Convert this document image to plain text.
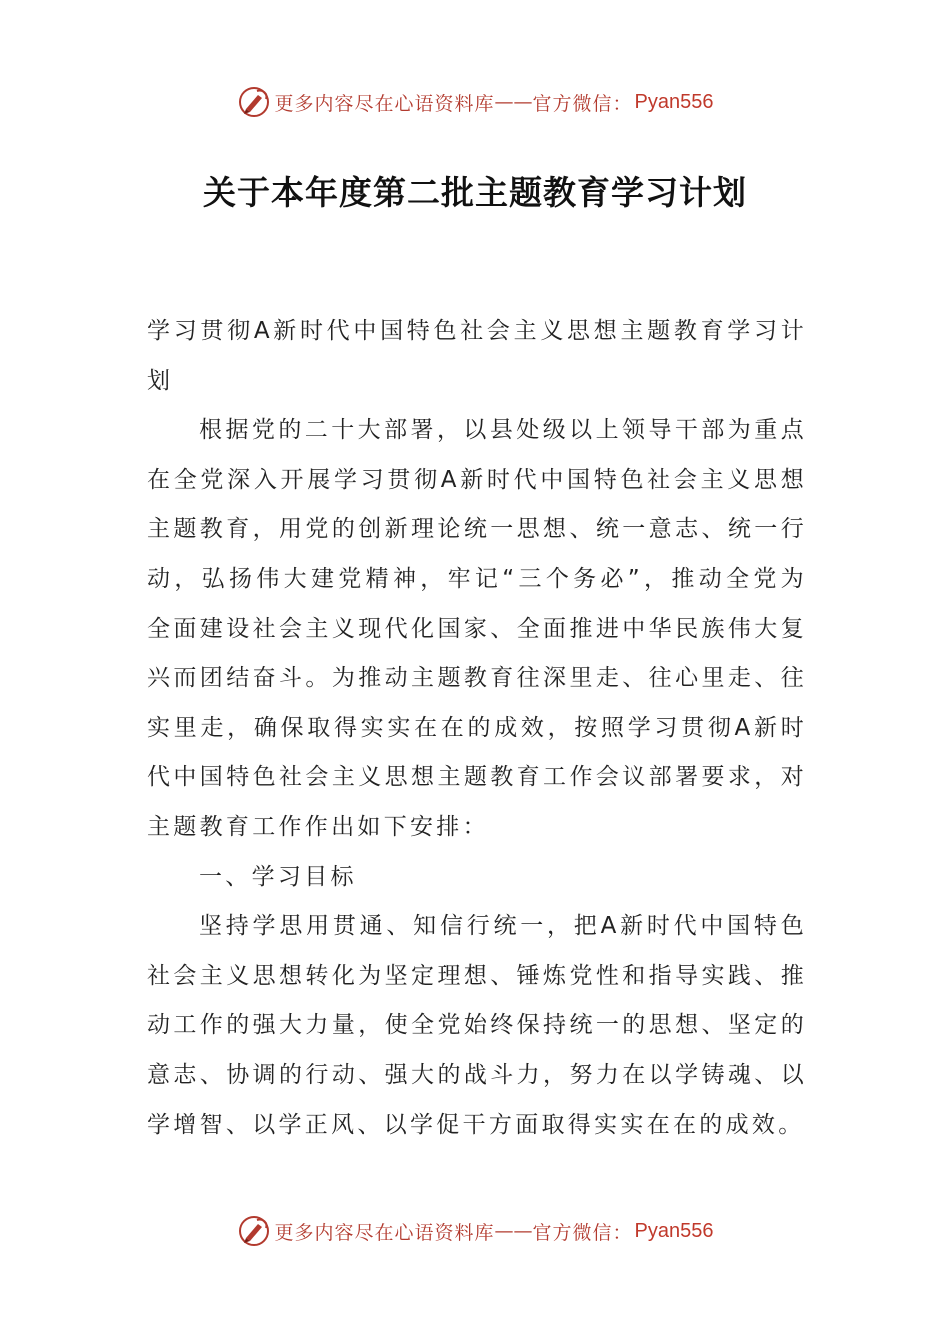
更多内容尽在心语资料库 —— 官方微信： Pyan556
关于本年度第二批主题教育学习计划

学习贯彻A新时代中国特色社会主义思想主题教育学习计划

根据党的二十大部署，以县处级以上领导干部为重点在全党深入开展学习贯彻A新时代中国特色社会主义思想主题教育，用党的创新理论统一思想、统一意志、统一行动，弘扬伟大建党精神，牢记“三个务必”，推动全党为全面建设社会主义现代化国家、全面推进中华民族伟大复兴而团结奋斗。为推动主题教育往深里走、往心里走、往实里走，确保取得实实在在的成效，按照学习贯彻A新时代中国特色社会主义思想主题教育工作会议部署要求，对主题教育工作作出如下安排：

一、学习目标

坚持学思用贯通、知信行统一，把A新时代中国特色社会主义思想转化为坚定理想、锤炼党性和指导实践、推动工作的强大力量，使全党始终保持统一的思想、坚定的意志、协调的行动、强大的战斗力，努力在以学铸魂、以学增智、以学正风、以学促干方面取得实实在在的成效。

更多内容尽在心语资料库 —— 官方微信： Pyan556
